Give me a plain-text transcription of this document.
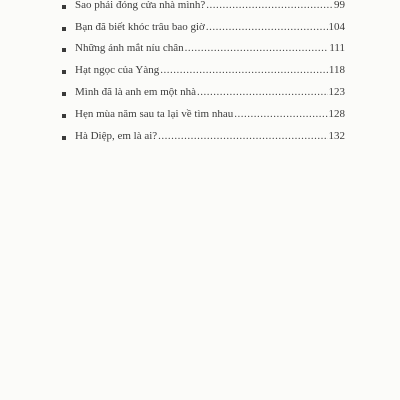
Sao phải đóng cửa nhà mình? .....	99
Bạn đã biết khóc trâu bao giờ .....	104
Những ánh mắt níu chân .....	111
Hạt ngọc của Yàng .....	118
Mình đã là anh em một nhà .....	123
Hẹn mùa năm sau ta lại về tìm nhau .....	128
Hà Diệp, em là ai? .....	132
